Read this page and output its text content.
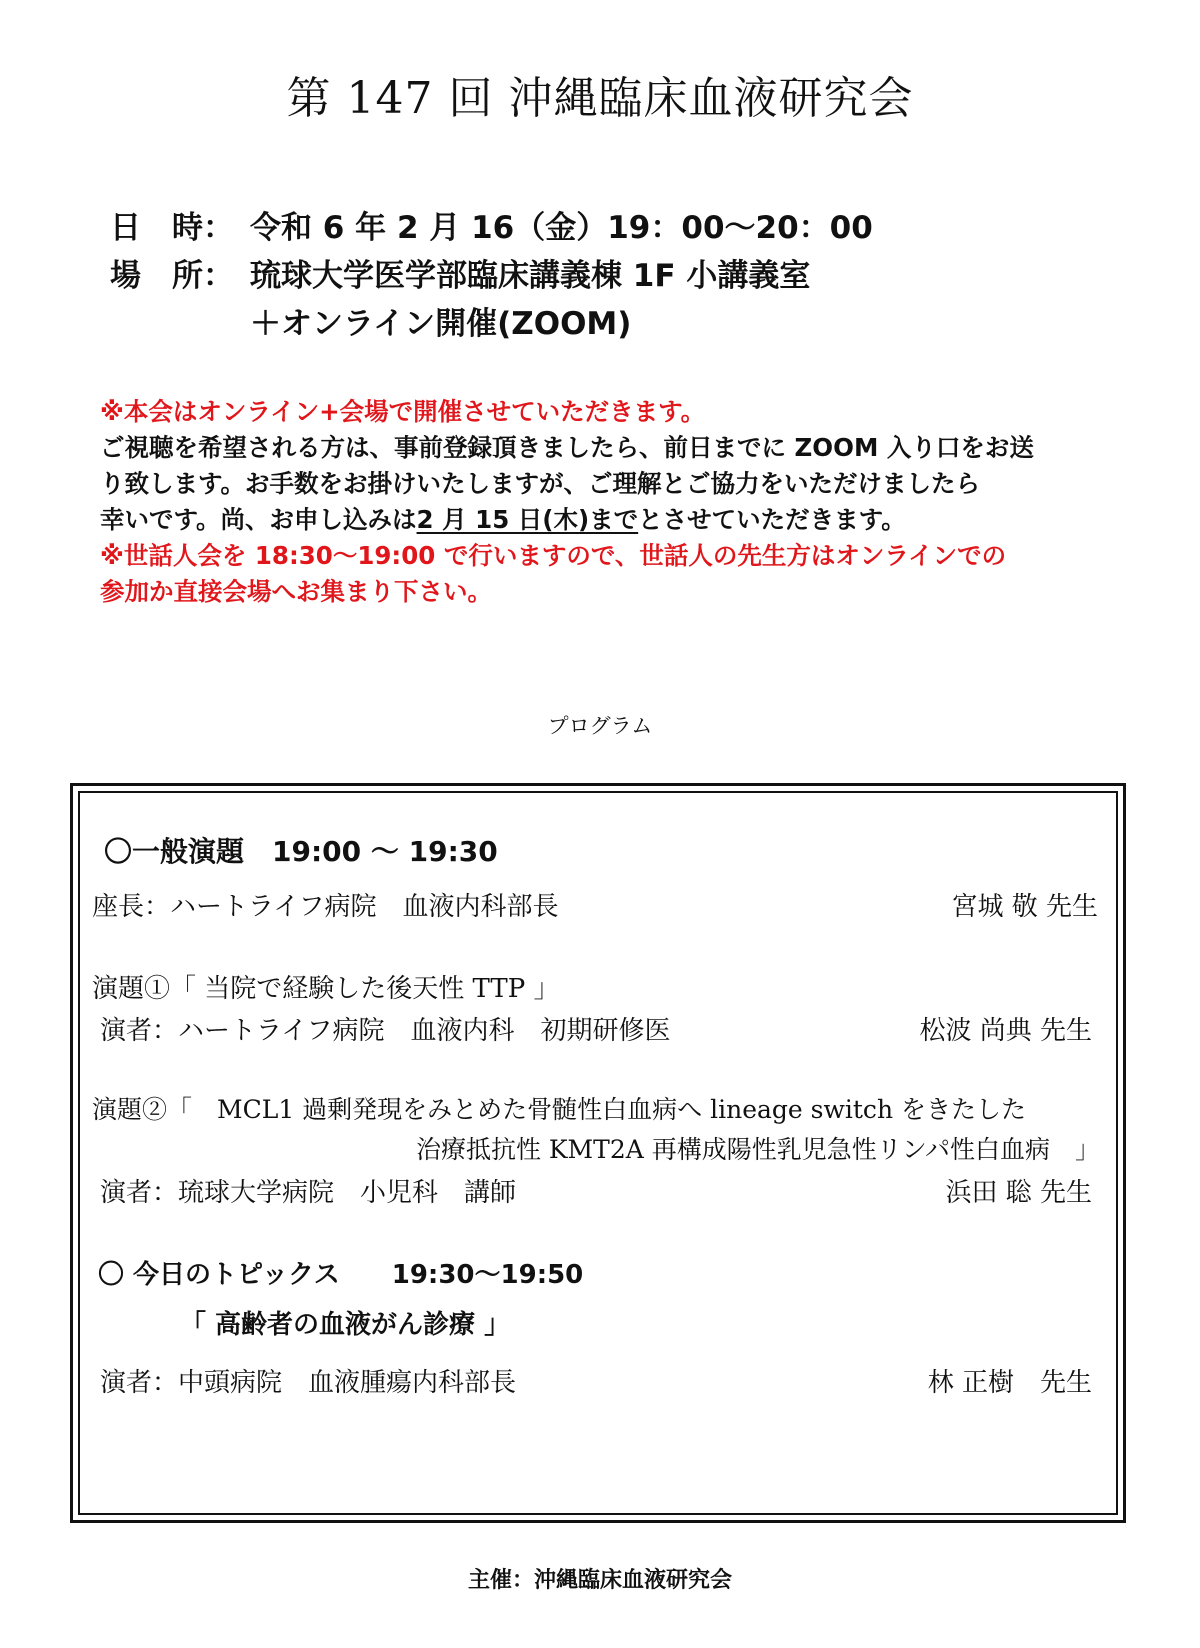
第 147 回 沖縄臨床血液研究会
日　時： 令和 6 年 2 月 16（金）19：00〜20：00
場　所： 琉球大学医学部臨床講義棟 1F 小講義室
＋オンライン開催(ZOOM)
※本会はオンライン+会場で開催させていただきます。
ご視聴を希望される方は、事前登録頂きましたら、前日までに ZOOM 入り口をお送
り致します。お手数をお掛けいたしますが、ご理解とご協力をいただけましたら
幸いです。尚、お申し込みは2 月 15 日(木)までとさせていただきます。
※世話人会を 18:30〜19:00 で行いますので、世話人の先生方はオンラインでの
参加か直接会場へお集まり下さい。
プログラム
〇一般演題　19:00 〜 19:30
座長：ハートライフ病院　血液内科部長	宮城 敬 先生
演題①「 当院で経験した後天性 TTP 」
演者：ハートライフ病院　血液内科　初期研修医	松波 尚典 先生
演題②「　MCL1 過剰発現をみとめた骨髄性白血病へ lineage switch をきたした
治療抵抗性 KMT2A 再構成陽性乳児急性リンパ性白血病　」
演者：琉球大学病院　小児科　講師	浜田 聡 先生
〇 今日のトピックス　　19:30〜19:50
「 高齢者の血液がん診療 」
演者：中頭病院　血液腫瘍内科部長	林 正樹　先生
主催：沖縄臨床血液研究会
